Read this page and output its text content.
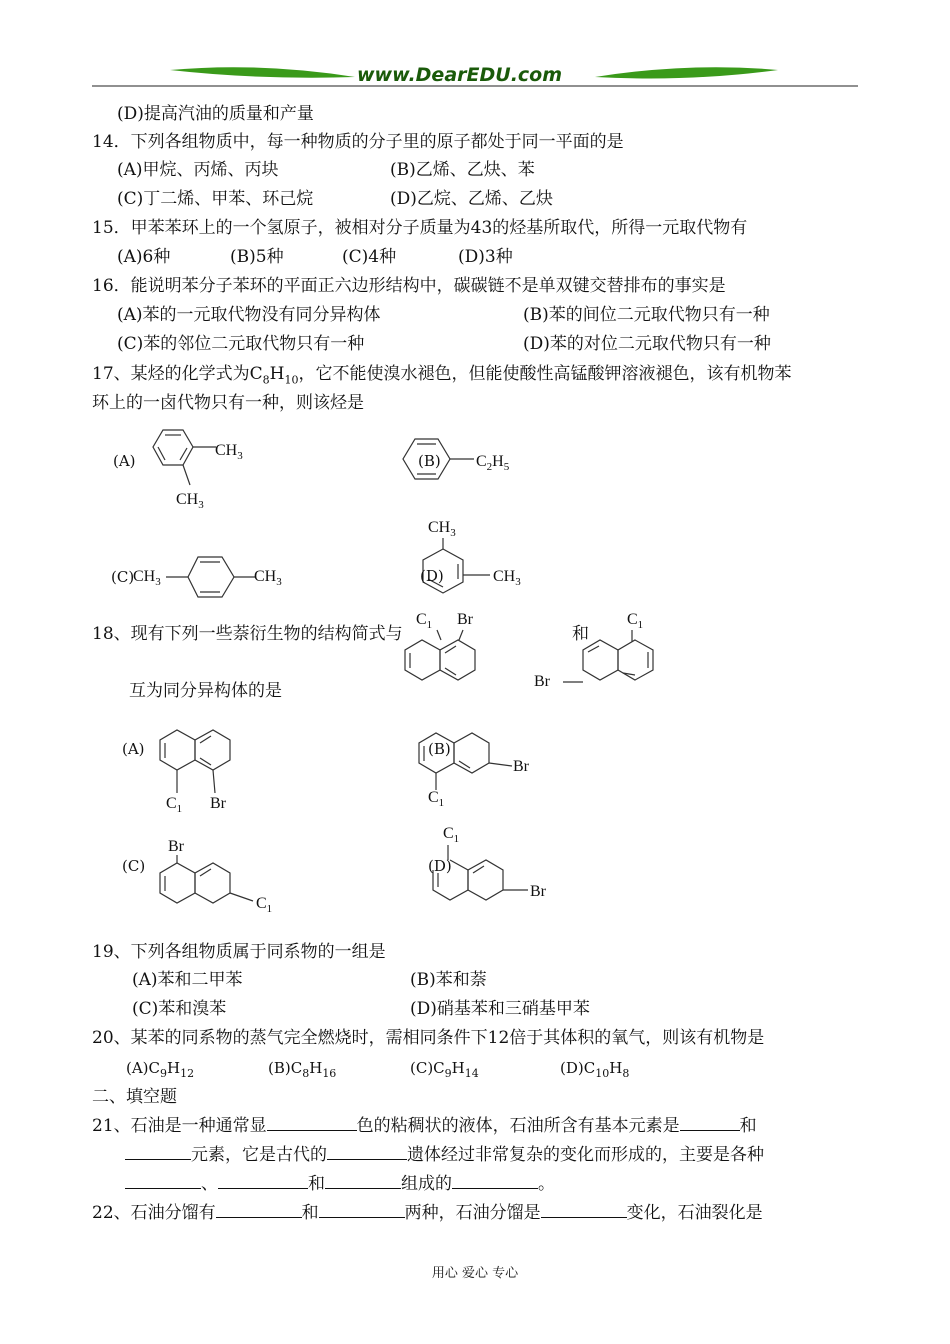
www.DearEDU.com
(D)提高汽油的质量和产量
14．下列各组物质中，每一种物质的分子里的原子都处于同一平面的是
(A)甲烷、丙烯、丙块	(B)乙烯、乙炔、苯
(C)丁二烯、甲苯、环己烷	(D)乙烷、乙烯、乙炔
15．甲苯苯环上的一个氢原子，被相对分子质量为43的烃基所取代，所得一元取代物有
(A)6种	(B)5种	(C)4种	(D)3种
16．能说明苯分子苯环的平面正六边形结构中，碳碳链不是单双键交替排布的事实是
(A)苯的一元取代物没有同分异构体	(B)苯的间位二元取代物只有一种
(C)苯的邻位二元取代物只有一种	(D)苯的对位二元取代物只有一种
17、某烃的化学式为$C_8H_{10}$，它不能使溴水褪色，但能使酸性高锰酸钾溶液褪色，该有机物苯
环上的一卤代物只有一种，则该烃是
(A)
$CH_3$
$CH_3$
(B) $C_2H_5$
(C)
$CH_3$	$CH_3$
$CH_3$
(D)	$CH_3$
18、现有下列一些萘衍生物的结构简式与
$C_1$ Br
和
$C_1$
Br
互为同分异构体的是
(A)
$C_1$ Br
(B)
Br
$C_1$
Br
(C)
$C_1$
$C_1$
(D)
Br
19、下列各组物质属于同系物的一组是
(A)苯和二甲苯	(B)苯和萘
(C)苯和溴苯	(D)硝基苯和三硝基甲苯
20、某苯的同系物的蒸气完全燃烧时，需相同条件下12倍于其体积的氧气，则该有机物是
$(A)C_9H_{12}$	$(B)C_8H_{16}$	$(C)C_9H_{14}$	$(D)C_{10}H_8$
二、填空题
21、石油是一种通常显	色的粘稠状的液体，石油所含有基本元素是	和
元素，它是古代的	遗体经过非常复杂的变化而形成的，主要是各种
、	和	组成的	。
22、石油分馏有	和	两种，石油分馏是	变化，石油裂化是
用心 爱心 专心
